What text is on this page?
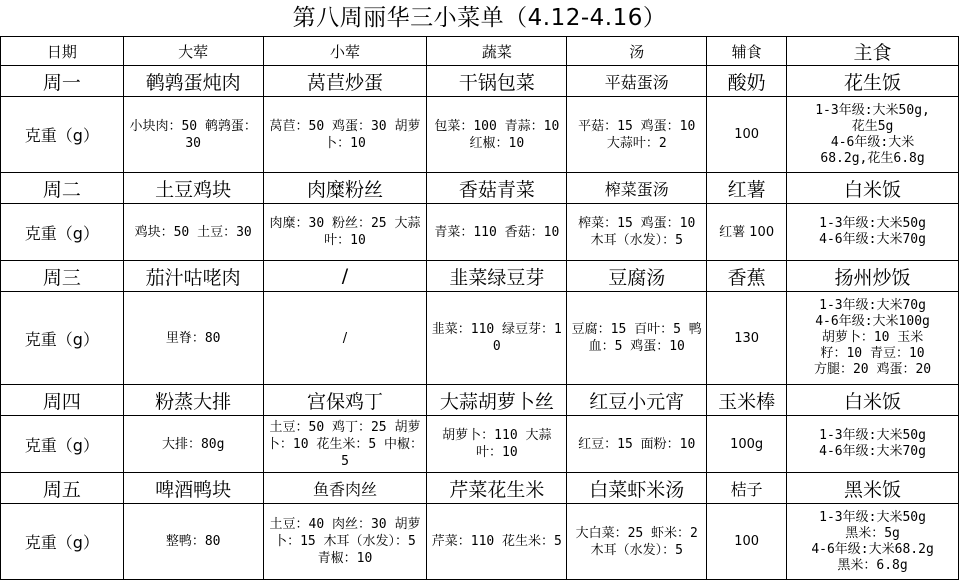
第八周丽华三小菜单（4.12-4.16）
日期	大荤	小荤	蔬菜	汤	辅食	主食
周一	鹌鹑蛋炖肉	莴苣炒蛋	干锅包菜	平菇蛋汤	酸奶	花生饭
克重（g）	小块肉：50 鹌鹑蛋：30	莴苣：50 鸡蛋：30 胡萝卜：10	包菜：100 青蒜：10 红椒：10	平菇：15 鸡蛋：10 大蒜叶：2	100	1-3年级:大米50g,
花生5g
4-6年级:大米
68.2g,花生6.8g

周二	土豆鸡块	肉糜粉丝	香菇青菜	榨菜蛋汤	红薯	白米饭
克重（g）	鸡块：50 土豆：30	肉糜：30 粉丝：25 大蒜叶：10	青菜：110 香菇：10	榨菜：15 鸡蛋：10 木耳（水发）：5	红薯 100	1-3年级:大米50g
4-6年级:大米70g

周三	茄汁咕咾肉	/	韭菜绿豆芽	豆腐汤	香蕉	扬州炒饭
克重（g）	里脊：80	/	韭菜：110 绿豆芽：10	豆腐：15 百叶：5 鸭血：5 鸡蛋：10	130	1-3年级:大米70g
4-6年级:大米100g
胡萝卜：10 玉米
籽：10 青豆：10
方腿：20 鸡蛋：20

周四	粉蒸大排	宫保鸡丁	大蒜胡萝卜丝	红豆小元宵	玉米棒	白米饭
克重（g）	大排：80g	土豆：50 鸡丁：25 胡萝卜：10 花生米：5 中椒：5	胡萝卜：110 大蒜叶：10	红豆：15 面粉：10	100g	1-3年级:大米50g
4-6年级:大米70g

周五	啤酒鸭块	鱼香肉丝	芹菜花生米	白菜虾米汤	桔子	黑米饭
克重（g）	整鸭：80	土豆：40 肉丝：30 胡萝卜：15 木耳（水发）：5 青椒：10	芹菜：110 花生米：5	大白菜：25 虾米：2 木耳（水发）：5	100	1-3年级:大米50g
黑米：5g
4-6年级:大米68.2g
黑米：6.8g
